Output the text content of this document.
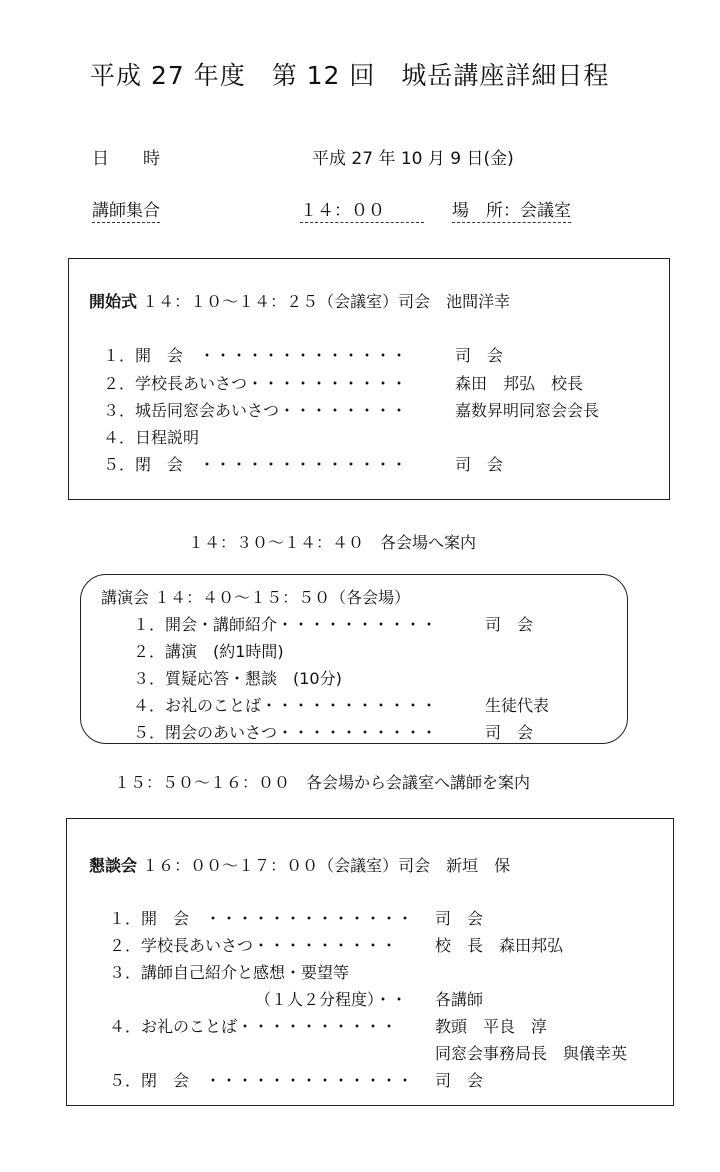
平成 27 年度　第 12 回　城岳講座詳細日程
日　　時	平成 27 年 10 月 9 日(金)
講師集合	１４：００	場　所：会議室
開始式 １４：１０～１４：２５（会議室）司会　池間洋幸
１．開　会　・・・・・・・・・・・・・	司　会
２．学校長あいさつ・・・・・・・・・・	森田　邦弘　校長
３．城岳同窓会あいさつ・・・・・・・・	嘉数昇明同窓会会長
４．日程説明
５．閉　会　・・・・・・・・・・・・・	司　会
１４：３０～１４：４０　各会場へ案内
講演会 １４：４０～１５：５０（各会場）
１．開会・講師紹介・・・・・・・・・・	司　会
２．講演　(約1時間)
３．質疑応答・懇談　(10分)
４．お礼のことば・・・・・・・・・・・	生徒代表
５．閉会のあいさつ・・・・・・・・・・	司　会
１５：５０～１６：００　各会場から会議室へ講師を案内
懇談会 １６：００～１７：００（会議室）司会　新垣　保
１．開　会　・・・・・・・・・・・・・ 司　会
２．学校長あいさつ・・・・・・・・・ 校　長　森田邦弘
３．講師自己紹介と感想・要望等
（１人２分程度）・・ 各講師
４．お礼のことば・・・・・・・・・・ 教頭　平良　淳
同窓会事務局長　與儀幸英
５．閉　会　・・・・・・・・・・・・・ 司　会
